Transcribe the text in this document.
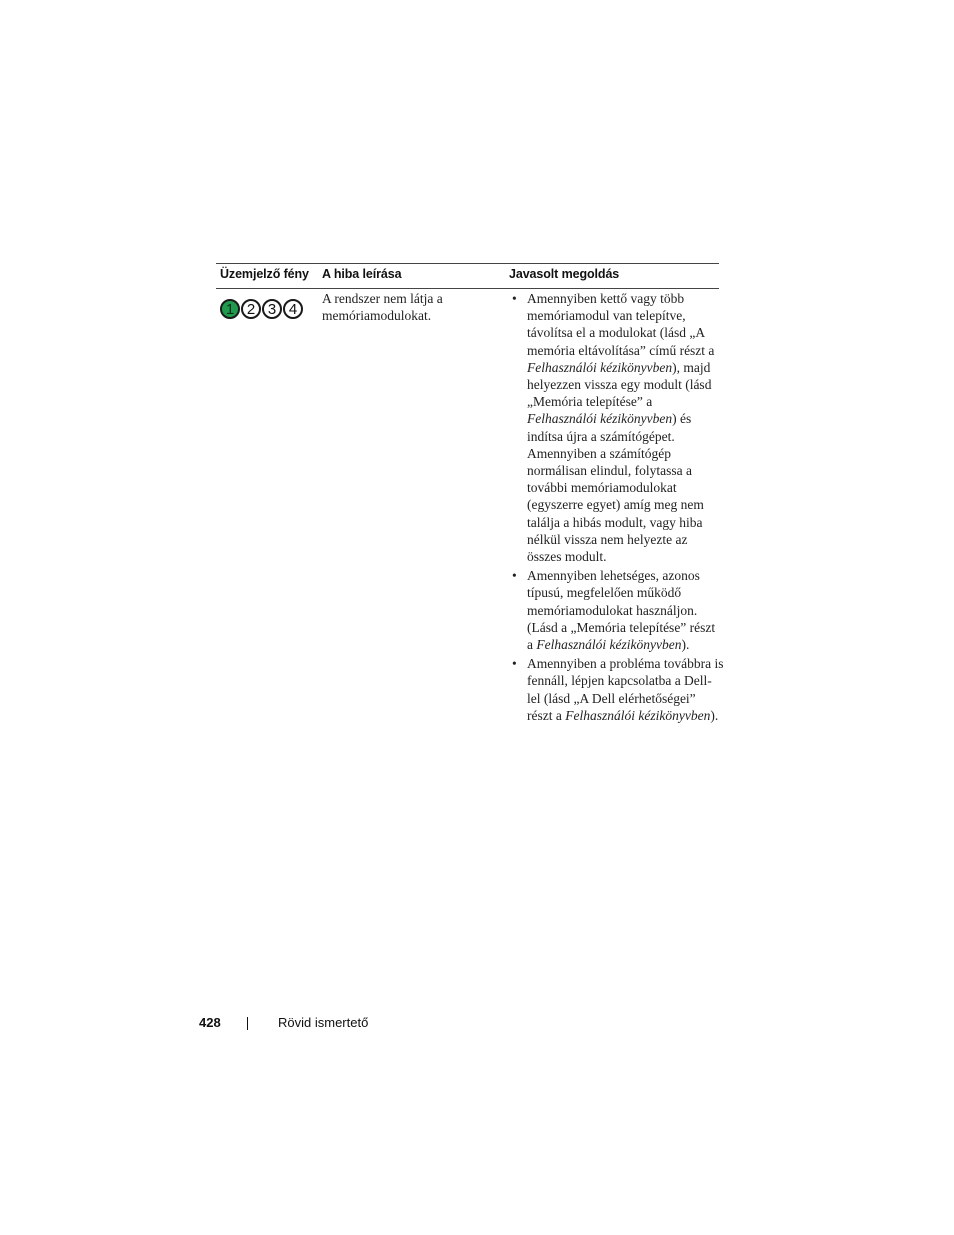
Üzemjelző fény A hiba leírása	Javasolt megoldás
1 2 3 4
A rendszer nem látja a memóriamodulokat.
• Amennyiben kettő vagy több memóriamodul van telepítve, távolítsa el a modulokat (lásd „A memória eltávolítása” című részt a Felhasználói kézikönyvben), majd helyezzen vissza egy modult (lásd „Memória telepítése” a Felhasználói kézikönyvben) és indítsa újra a számítógépet. Amennyiben a számítógép normálisan elindul, folytassa a további memóriamodulokat (egyszerre egyet) amíg meg nem találja a hibás modult, vagy hiba nélkül vissza nem helyezte az összes modult.
• Amennyiben lehetséges, azonos típusú, megfelelően működő memóriamodulokat használjon. (Lásd a „Memória telepítése” részt a Felhasználói kézikönyvben).
• Amennyiben a probléma továbbra is fennáll, lépjen kapcsolatba a Dell-lel (lásd „A Dell elérhetőségei” részt a Felhasználói kézikönyvben).
428	Rövid ismertető
